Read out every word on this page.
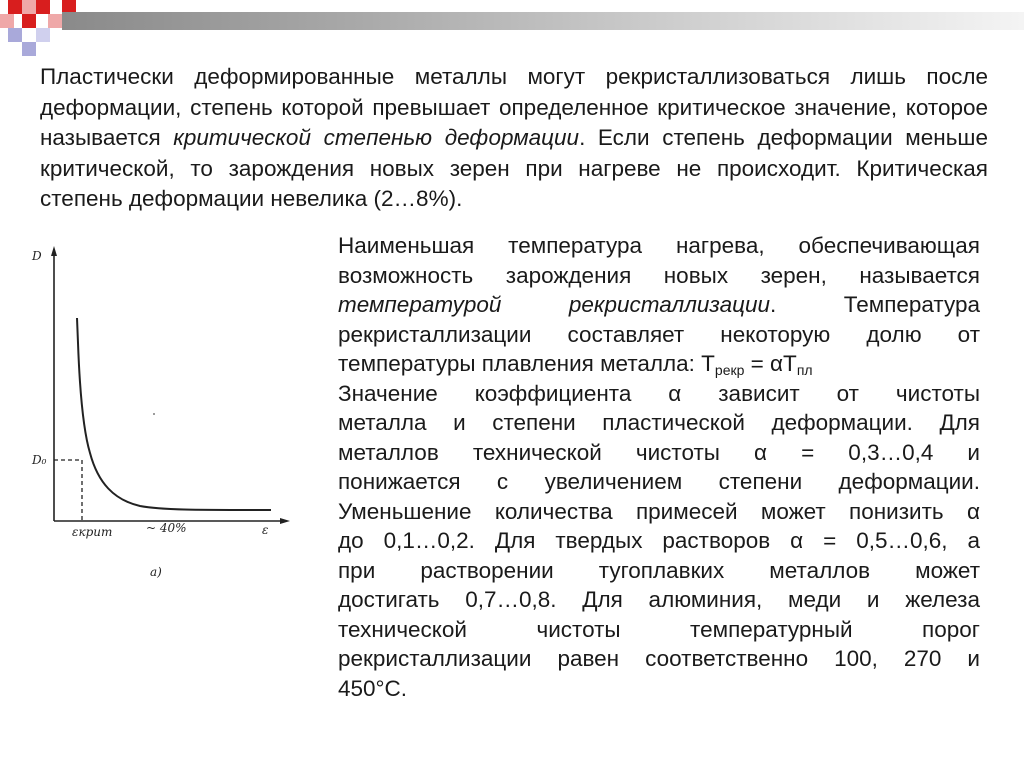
Пластически деформированные металлы могут рекристаллизоваться лишь после деформации, степень которой превышает определенное критическое значение, которое называется критической степенью деформации. Если степень деформации меньше критической, то зарождения новых зерен при нагреве не происходит. Критическая степень деформации невелика (2…8%).
D
D₀
ε
εкрит	~ 40%
а)
Наименьшая температура нагрева, обеспечивающая
возможность зарождения новых зерен, называется
температурой рекристаллизации. Температура
рекристаллизации составляет некоторую долю от
температуры плавления металла: $T_{рекр} = \alpha T_{пл}$
Значение коэффициента α зависит от чистоты
металла и степени пластической деформации. Для
металлов технической чистоты α = 0,3…0,4 и
понижается с увеличением степени деформации.
Уменьшение количества примесей может понизить α
до 0,1…0,2. Для твердых растворов α = 0,5…0,6, а
при растворении тугоплавких металлов может
достигать 0,7…0,8. Для алюминия, меди и железа
технической чистоты температурный порог
рекристаллизации равен соответственно 100, 270 и
450°C.
